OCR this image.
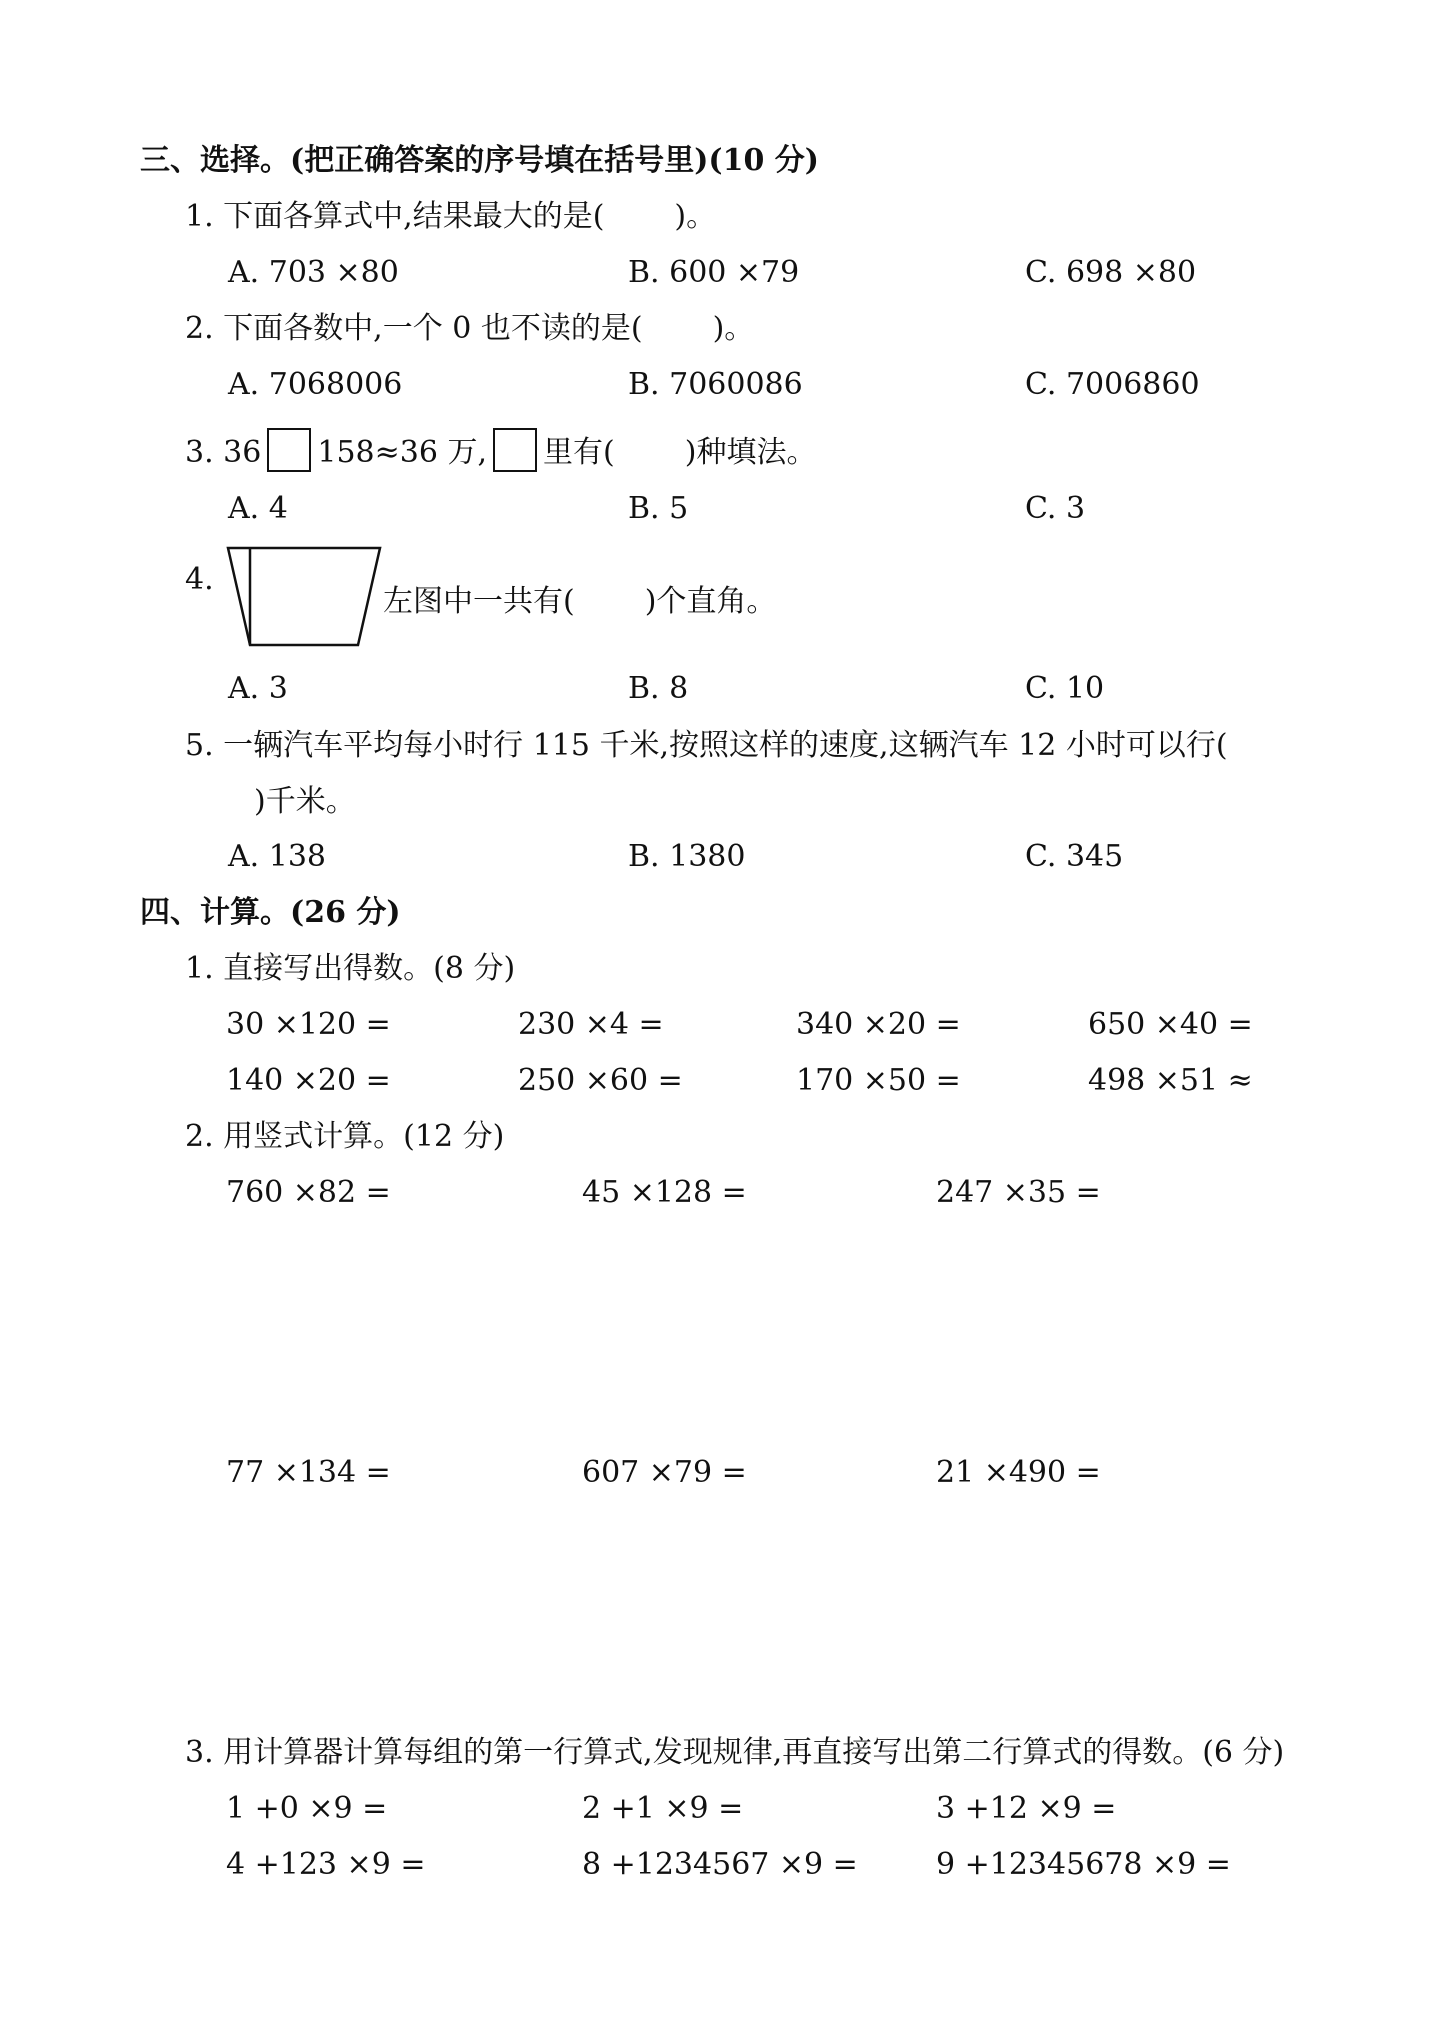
三、选择。(把正确答案的序号填在括号里)(10 分)
1. 下面各算式中,结果最大的是( )。
A. 703 ×80	B. 600 ×79	C. 698 ×80
2. 下面各数中,一个 0 也不读的是( )。
A. 7068006	B. 7060086	C. 7006860
3. 36 158≈36 万, 里有( )种填法。
A. 4	B. 5	C. 3
4.
左图中一共有( )个直角。
A. 3	B. 8	C. 10
5. 一辆汽车平均每小时行 115 千米,按照这样的速度,这辆汽车 12 小时可以行(
)千米。
A. 138	B. 1380	C. 345
四、计算。(26 分)
1. 直接写出得数。(8 分)
30 ×120 =	230 ×4 =	340 ×20 =	650 ×40 =
140 ×20 =	250 ×60 =	170 ×50 =	498 ×51 ≈
2. 用竖式计算。(12 分)
760 ×82 =	45 ×128 =	247 ×35 =
77 ×134 =	607 ×79 =	21 ×490 =
3. 用计算器计算每组的第一行算式,发现规律,再直接写出第二行算式的得数。(6 分)
1 +0 ×9 =	2 +1 ×9 =	3 +12 ×9 =
4 +123 ×9 =	8 +1234567 ×9 =	9 +12345678 ×9 =
